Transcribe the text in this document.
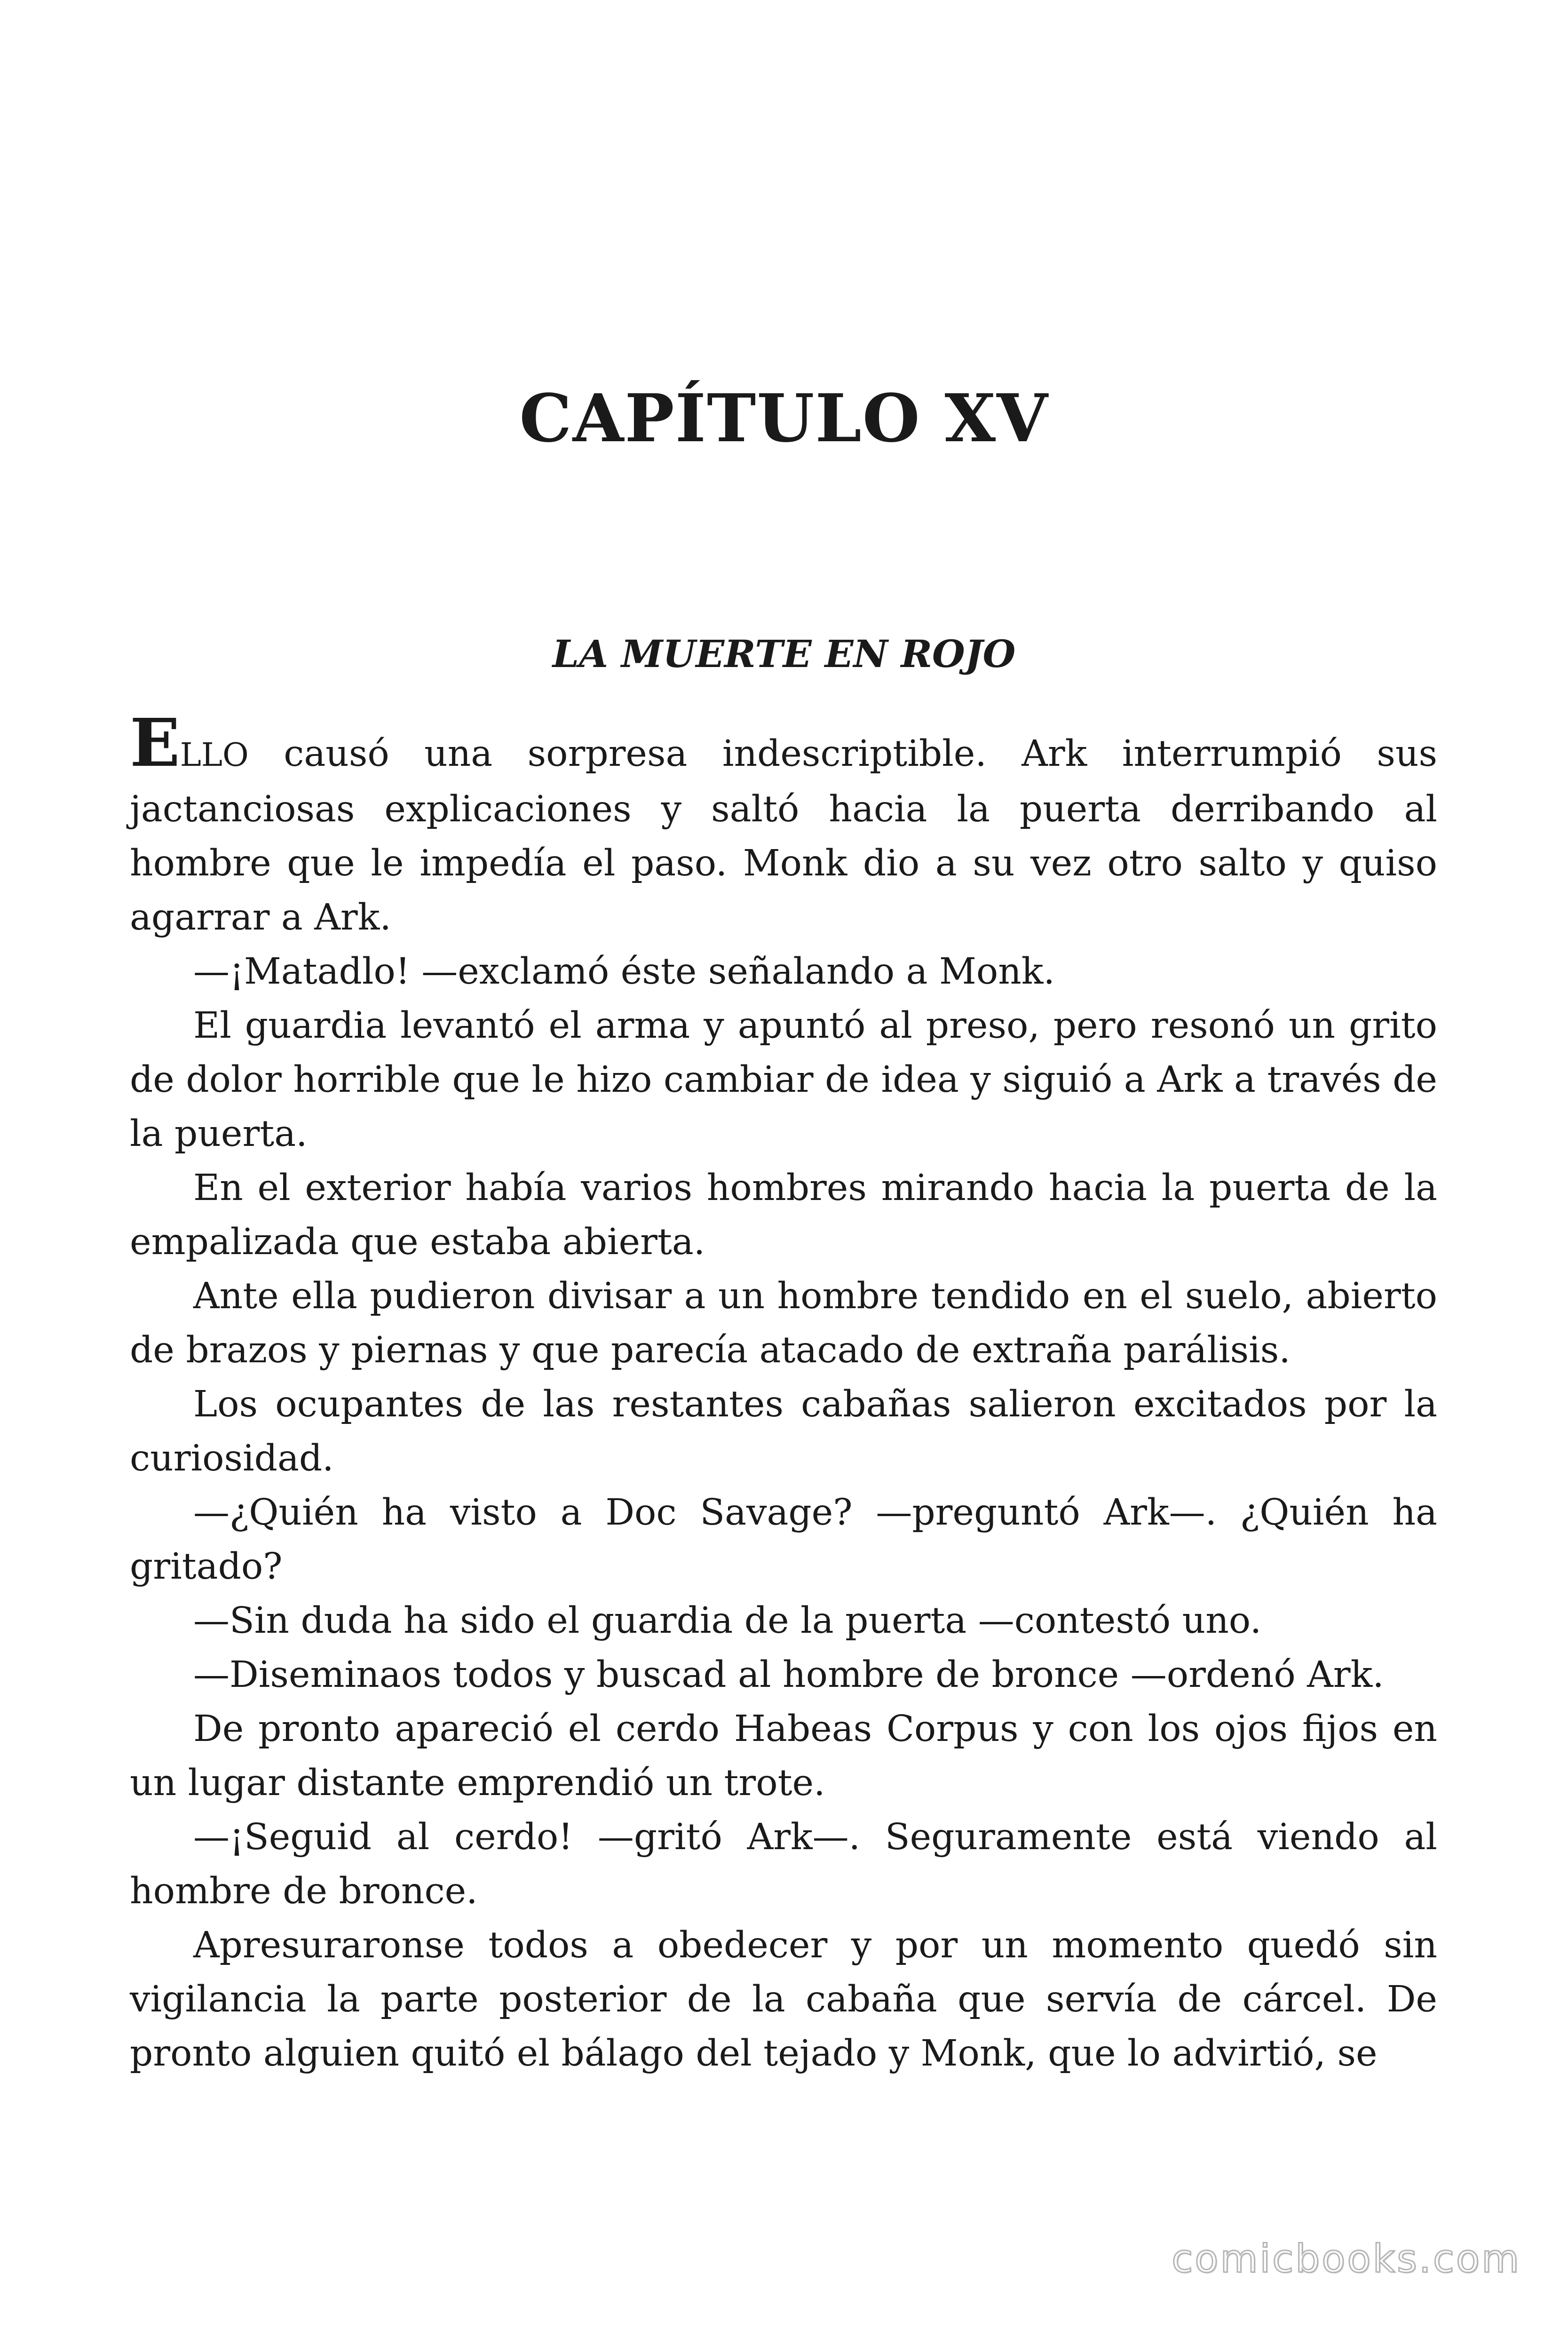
CAPÍTULO XV
LA MUERTE EN ROJO

ELLO causó una sorpresa indescriptible. Ark interrumpió sus jactanciosas explicaciones y saltó hacia la puerta derribando al hombre que le impedía el paso. Monk dio a su vez otro salto y quiso agarrar a Ark.

—¡Matadlo! —exclamó éste señalando a Monk.

El guardia levantó el arma y apuntó al preso, pero resonó un grito de dolor horrible que le hizo cambiar de idea y siguió a Ark a través de la puerta.

En el exterior había varios hombres mirando hacia la puerta de la empalizada que estaba abierta.

Ante ella pudieron divisar a un hombre tendido en el suelo, abierto de brazos y piernas y que parecía atacado de extraña parálisis.

Los ocupantes de las restantes cabañas salieron excitados por la curiosidad.

—¿Quién ha visto a Doc Savage? —preguntó Ark—. ¿Quién ha gritado?

—Sin duda ha sido el guardia de la puerta —contestó uno.

—Diseminaos todos y buscad al hombre de bronce —ordenó Ark.

De pronto apareció el cerdo Habeas Corpus y con los ojos fijos en un lugar distante emprendió un trote.

—¡Seguid al cerdo! —gritó Ark—. Seguramente está viendo al hombre de bronce.

Apresuraronse todos a obedecer y por un momento quedó sin vigilancia la parte posterior de la cabaña que servía de cárcel. De pronto alguien quitó el bálago del tejado y Monk, que lo advirtió, se

comicbooks.com
